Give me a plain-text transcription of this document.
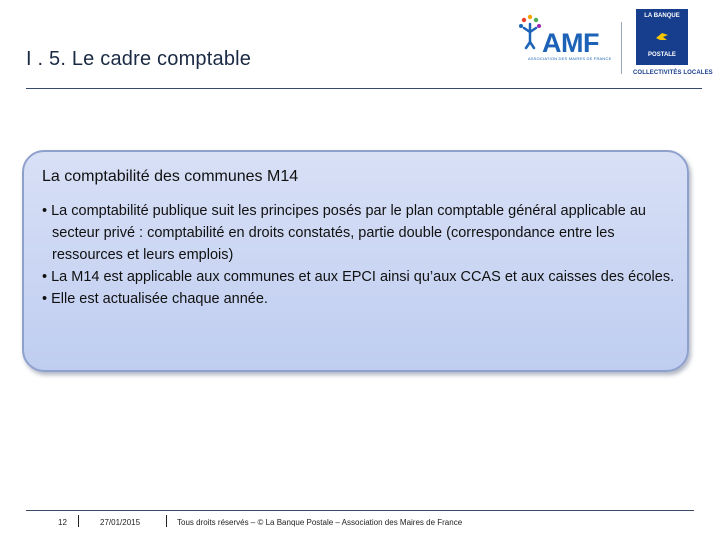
I . 5. Le cadre comptable
AMF
ASSOCIATION DES MAIRES DE FRANCE
LA BANQUE
POSTALE
COLLECTIVITÉS LOCALES
La comptabilité des communes M14
• La comptabilité publique suit les principes posés par le plan comptable général applicable au secteur privé : comptabilité en droits constatés, partie double (correspondance entre les ressources et leurs emplois)
• La M14 est applicable aux communes et aux EPCI ainsi qu’aux CCAS et aux caisses des écoles.
• Elle est actualisée chaque année.
12	27/01/2015	Tous droits réservés – © La Banque Postale – Association des Maires de France
